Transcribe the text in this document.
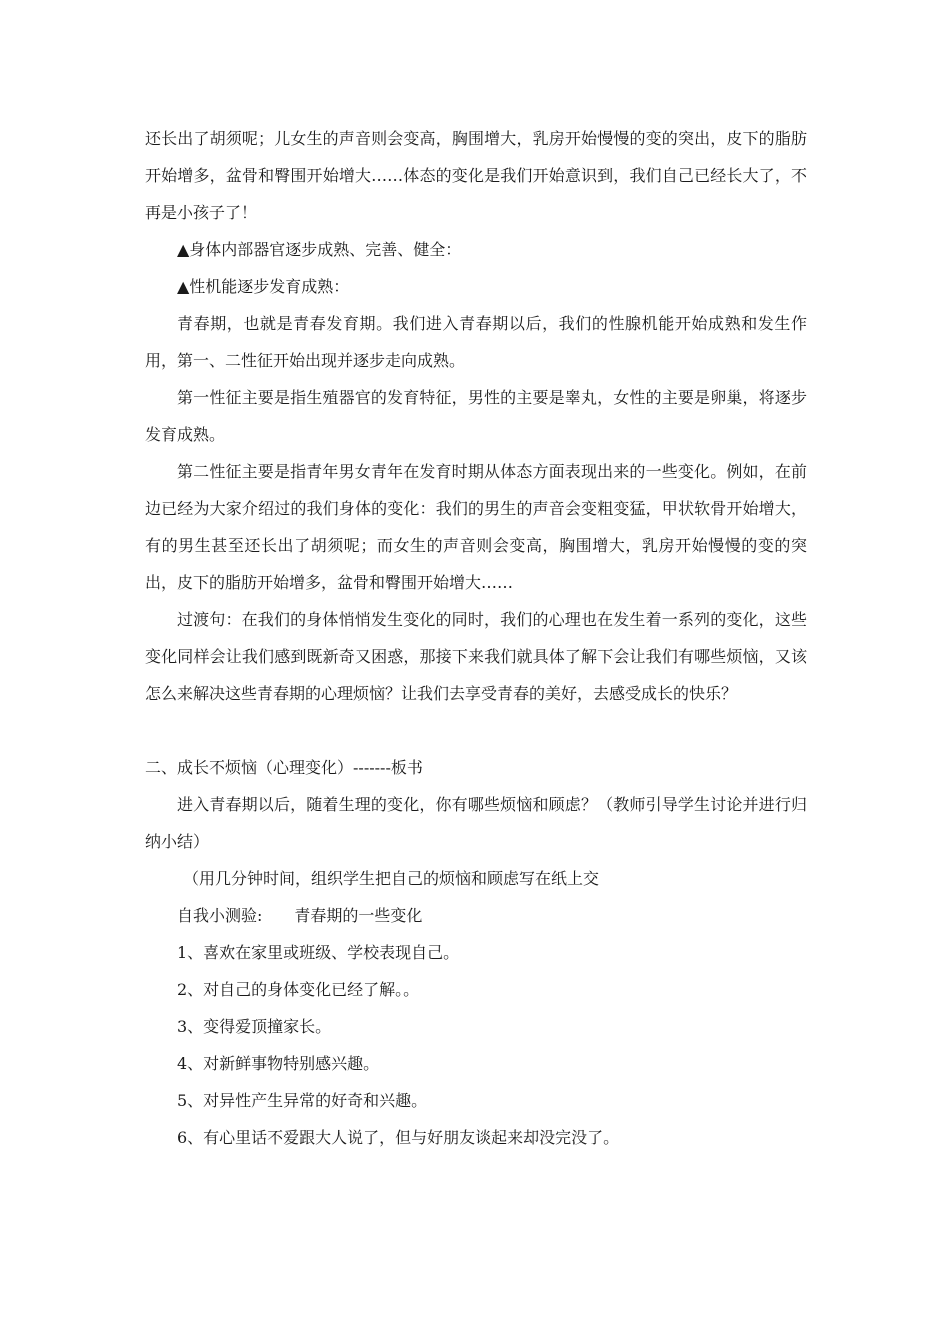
还长出了胡须呢；儿女生的声音则会变高，胸围增大，乳房开始慢慢的变的突出，皮下的脂肪开始增多，盆骨和臀围开始增大……体态的变化是我们开始意识到，我们自己已经长大了，不再是小孩子了！

▲身体内部器官逐步成熟、完善、健全：

▲性机能逐步发育成熟：

青春期，也就是青春发育期。我们进入青春期以后，我们的性腺机能开始成熟和发生作用，第一、二性征开始出现并逐步走向成熟。

第一性征主要是指生殖器官的发育特征，男性的主要是睾丸，女性的主要是卵巢，将逐步发育成熟。

第二性征主要是指青年男女青年在发育时期从体态方面表现出来的一些变化。例如，在前边已经为大家介绍过的我们身体的变化：我们的男生的声音会变粗变猛，甲状软骨开始增大，有的男生甚至还长出了胡须呢；而女生的声音则会变高，胸围增大，乳房开始慢慢的变的突出，皮下的脂肪开始增多，盆骨和臀围开始增大……

过渡句：在我们的身体悄悄发生变化的同时，我们的心理也在发生着一系列的变化，这些变化同样会让我们感到既新奇又困惑，那接下来我们就具体了解下会让我们有哪些烦恼，又该怎么来解决这些青春期的心理烦恼？让我们去享受青春的美好，去感受成长的快乐？

二、成长不烦恼（心理变化）-------板书

进入青春期以后，随着生理的变化，你有哪些烦恼和顾虑？（教师引导学生讨论并进行归纳小结）

（用几分钟时间，组织学生把自己的烦恼和顾虑写在纸上交

自我小测验: 青春期的一些变化

1、喜欢在家里或班级、学校表现自己。

2、对自己的身体变化已经了解。。

3、变得爱顶撞家长。

4、对新鲜事物特别感兴趣。

5、对异性产生异常的好奇和兴趣。

6、有心里话不爱跟大人说了，但与好朋友谈起来却没完没了。
